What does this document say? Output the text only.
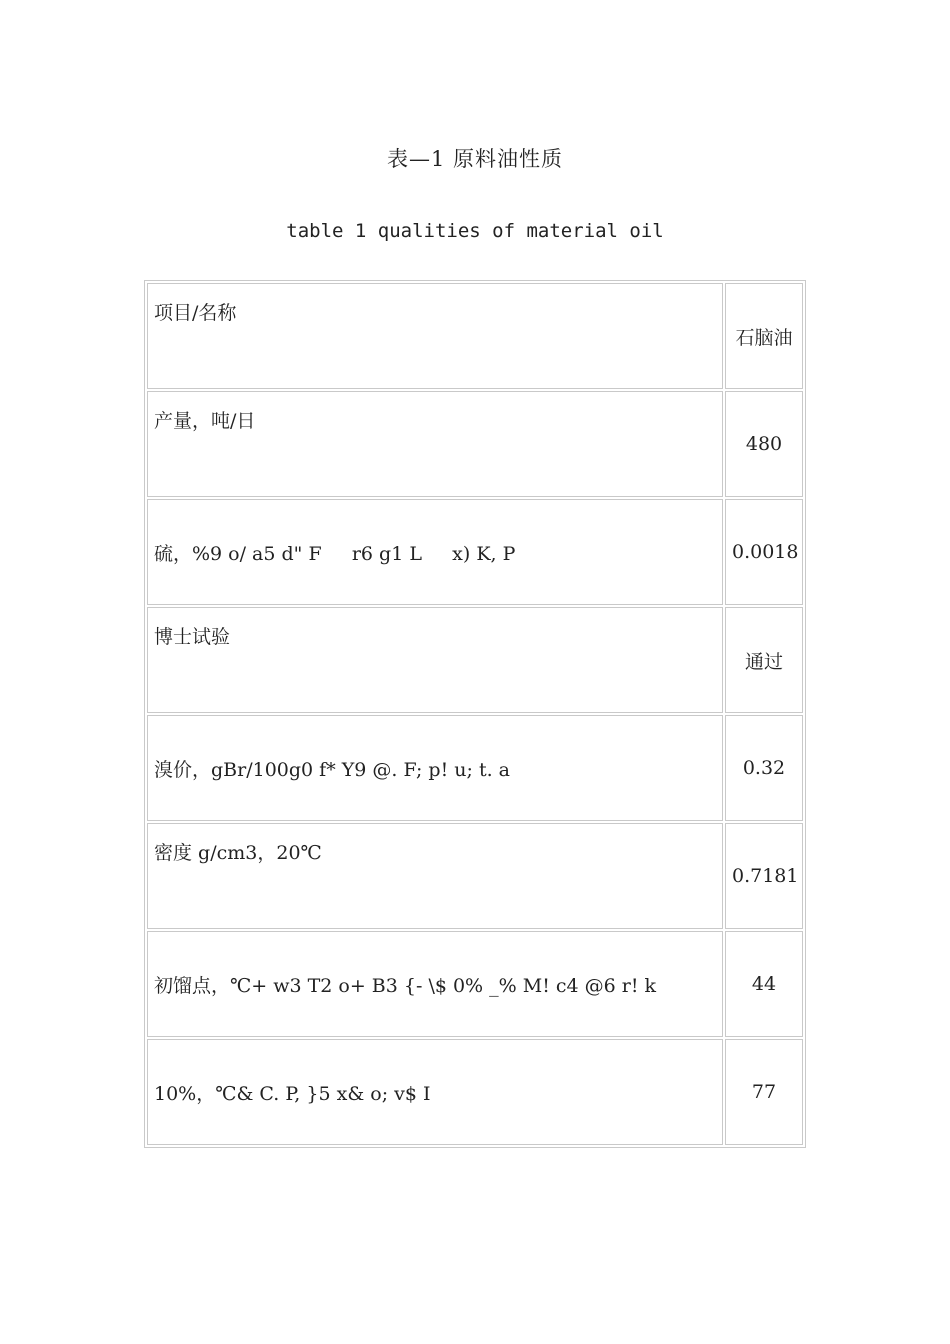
表—1 原料油性质
table 1 qualities of material oil
项目/名称	石脑油
产量，吨/日	480
硫，%9 o/ a5 d" F     r6 g1 L     x) K, P	0.0018
博士试验	通过
溴价，gBr/100g0 f* Y9 @. F; p! u; t. a	0.32
密度 g/cm3，20℃	0.7181
初馏点，℃+ w3 T2 o+ B3 {- \$ 0% _% M! c4 @6 r! k	44
10%，℃& C. P, }5 x& o; v$ I	77
